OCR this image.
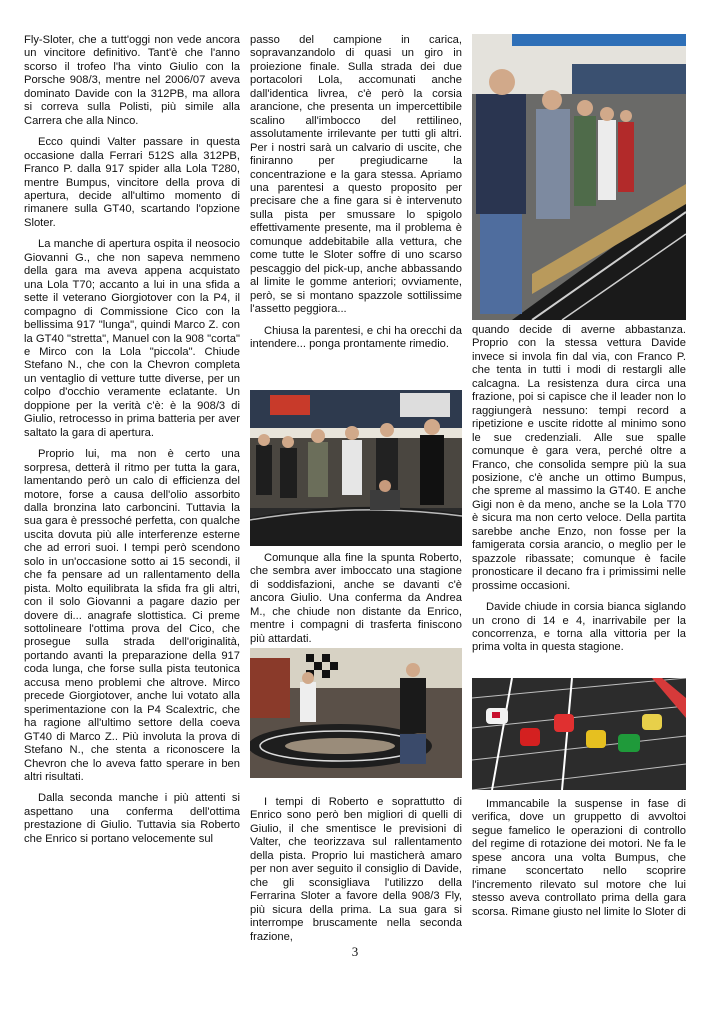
Fly-Sloter, che a tutt'oggi non vede ancora un vincitore definitivo. Tant'è che l'anno scorso il trofeo l'ha vinto Giulio con la Porsche 908/3, mentre nel 2006/07 aveva dominato Davide con la 312PB, ma allora si correva sulla Polisti, più simile alla Carrera che alla Ninco.

Ecco quindi Valter passare in questa occasione dalla Ferrari 512S alla 312PB, Franco P. dalla 917 spider alla Lola T280, mentre Bumpus, vincitore della prova di apertura, decide all'ultimo momento di rimanere sulla GT40, scartando l'opzione Sloter.

La manche di apertura ospita il neosocio Giovanni G., che non sapeva nemmeno della gara ma aveva appena acquistato una Lola T70; accanto a lui in una sfida a sette il veterano Giorgiotover con la P4, il compagno di Commissione Cico con la bellissima 917 "lunga", quindi Marco Z. con la GT40 "stretta", Manuel con la 908 "corta" e Mirco con la Lola "piccola". Chiude Stefano N., che con la Chevron completa un ventaglio di vetture tutte diverse, per un colpo d'occhio veramente eclatante. Un doppione per la verità c'è: è la 908/3 di Giulio, retrocesso in prima batteria per aver saltato la gara di apertura.

Proprio lui, ma non è certo una sorpresa, detterà il ritmo per tutta la gara, lamentando però un calo di efficienza del motore, forse a causa dell'olio assorbito dalla bronzina lato carboncini. Tuttavia la sua gara è pressoché perfetta, con qualche uscita dovuta più alle interferenze esterne che ad errori suoi. I tempi però scendono solo in un'occasione sotto ai 15 secondi, il che fa pensare ad un rallentamento della pista. Molto equilibrata la sfida fra gli altri, con il solo Giovanni a pagare dazio per dovere di... anagrafe slottistica. Ci preme sottolineare l'ottima prova del Cico, che prosegue sulla strada dell'originalità, portando avanti la preparazione della 917 coda lunga, che forse sulla pista teutonica accusa meno problemi che altrove. Mirco precede Giorgiotover, anche lui votato alla sperimentazione con la P4 Scalextric, che ha ragione all'ultimo settore della coeva GT40 di Marco Z.. Più involuta la prova di Stefano N., che stenta a riconoscere la Chevron che lo aveva fatto sperare in ben altri risultati.

Dalla seconda manche i più attenti si aspettano una conferma dell'ottima prestazione di Giulio. Tuttavia sia Roberto che Enrico si portano velocemente sul

passo del campione in carica, sopravanzandolo di quasi un giro in proiezione finale. Sulla strada dei due portacolori Lola, accomunati anche dall'identica livrea, c'è però la corsia arancione, che presenta un impercettibile scalino all'imbocco del rettilineo, assolutamente irrilevante per tutti gli altri. Per i nostri sarà un calvario di uscite, che finiranno per pregiudicarne la concentrazione e la gara stessa. Apriamo una parentesi a questo proposito per precisare che a fine gara si è intervenuto sulla pista per smussare lo spigolo effettivamente presente, ma il problema è comunque addebitabile alla vettura, che come tutte le Sloter soffre di uno scarso pescaggio del pick-up, anche abbassando al limite le gomme anteriori; ovviamente, però, se si montano spazzole sottilissime l'assetto peggiora...

Chiusa la parentesi, e chi ha orecchi da intendere... ponga prontamente rimedio.

Comunque alla fine la spunta Roberto, che sembra aver imboccato una stagione di soddisfazioni, anche se davanti c'è ancora Giulio. Una conferma da Andrea M., che chiude non distante da Enrico, mentre i compagni di trasferta finiscono più attardati.

I tempi di Roberto e soprattutto di Enrico sono però ben migliori di quelli di Giulio, il che smentisce le previsioni di Valter, che teorizzava sul rallentamento della pista. Proprio lui masticherà amaro per non aver seguito il consiglio di Davide, che gli sconsigliava l'utilizzo della Ferrarina Sloter a favore della 908/3 Fly, più sicura della prima. La sua gara si interrompe bruscamente nella seconda frazione,

quando decide di averne abbastanza. Proprio con la stessa vettura Davide invece si invola fin dal via, con Franco P. che tenta in tutti i modi di restargli alle calcagna. La resistenza dura circa una frazione, poi si capisce che il leader non lo raggiungerà nessuno: tempi record a ripetizione e uscite ridotte al minimo sono le sue credenziali. Alle sue spalle comunque è gara vera, perché oltre a Franco, che consolida sempre più la sua posizione, c'è anche un ottimo Bumpus, che spreme al massimo la GT40. E anche Gigi non è da meno, anche se la Lola T70 è sicura ma non certo veloce. Della partita sarebbe anche Enzo, non fosse per la famigerata corsia arancio, o meglio per le spazzole ribassate; comunque è facile pronosticare il decano fra i primissimi nelle prossime occasioni.

Davide chiude in corsia bianca siglando un crono di 14 e 4, inarrivabile per la concorrenza, e torna alla vittoria per la prima volta in questa stagione.

Immancabile la suspense in fase di verifica, dove un gruppetto di avvoltoi segue famelico le operazioni di controllo del regime di rotazione dei motori. Ne fa le spese ancora una volta Bumpus, che rimane sconcertato nello scoprire l'incremento rilevato sul motore che lui stesso aveva controllato prima della gara scorsa. Rimane giusto nel limite lo Sloter di

3
